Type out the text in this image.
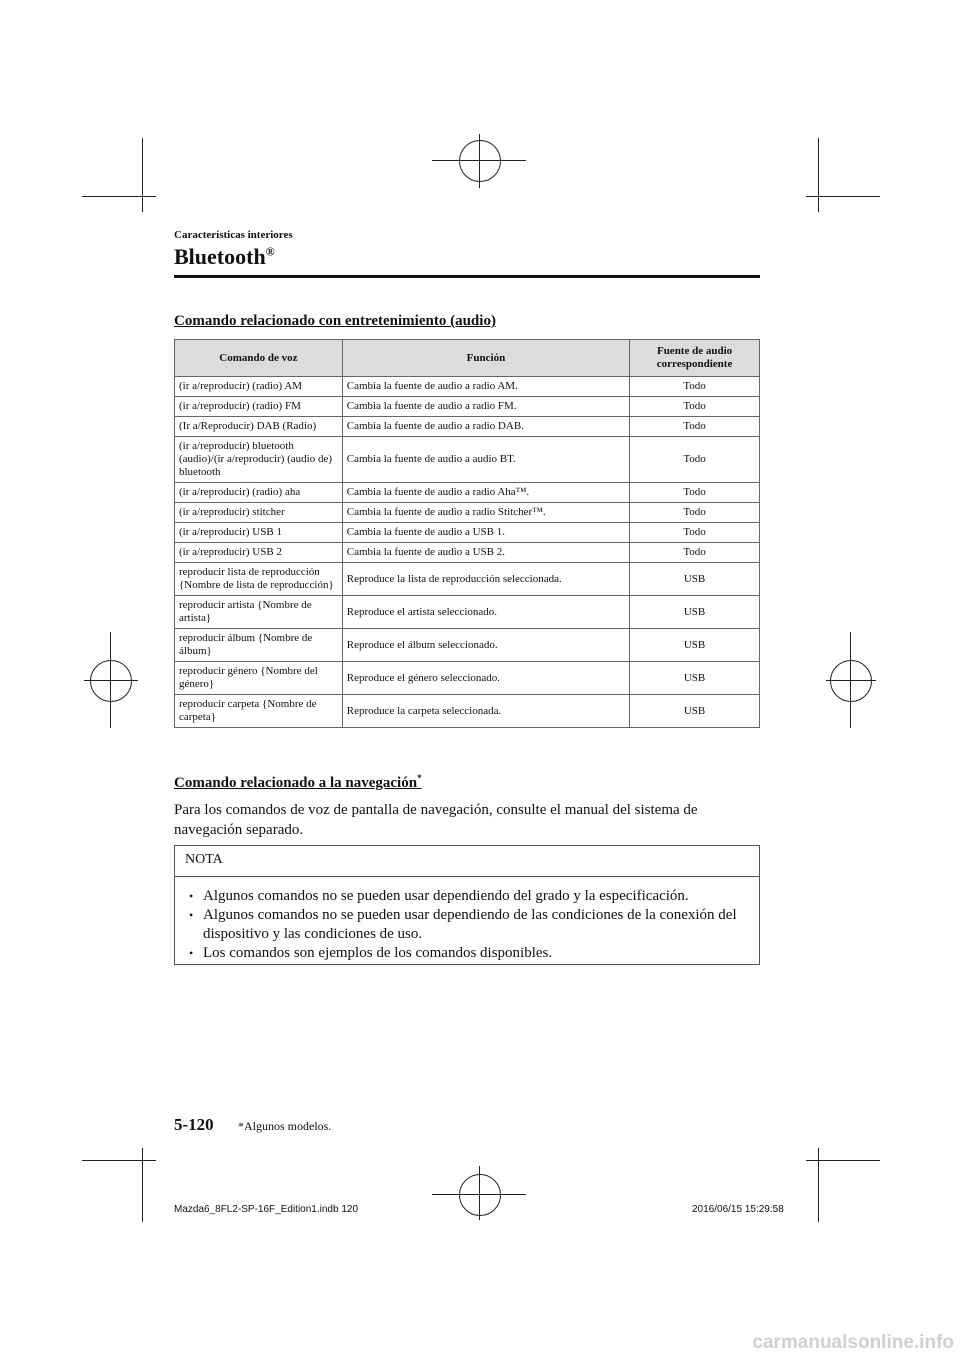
Características interiores
Bluetooth®
Comando relacionado con entretenimiento (audio)
Comando de voz	Función	Fuente de audio correspondiente
(ir a/reproducir) (radio) AM	Cambia la fuente de audio a radio AM.	Todo
(ir a/reproducir) (radio) FM	Cambia la fuente de audio a radio FM.	Todo
(Ir a/Reproducir) DAB (Radio)	Cambia la fuente de audio a radio DAB.	Todo
(ir a/reproducir) bluetooth (audio)/(ir a/reproducir) (audio de) bluetooth	Cambia la fuente de audio a audio BT.	Todo
(ir a/reproducir) (radio) aha	Cambia la fuente de audio a radio Aha™.	Todo
(ir a/reproducir) stitcher	Cambia la fuente de audio a radio Stitcher™.	Todo
(ir a/reproducir) USB 1	Cambia la fuente de audio a USB 1.	Todo
(ir a/reproducir) USB 2	Cambia la fuente de audio a USB 2.	Todo
reproducir lista de reproducción {Nombre de lista de reproducción}	Reproduce la lista de reproducción seleccionada.	USB
reproducir artista {Nombre de artista}	Reproduce el artista seleccionado.	USB
reproducir álbum {Nombre de álbum}	Reproduce el álbum seleccionado.	USB
reproducir género {Nombre del género}	Reproduce el género seleccionado.	USB
reproducir carpeta {Nombre de carpeta}	Reproduce la carpeta seleccionada.	USB
Comando relacionado a la navegación*
Para los comandos de voz de pantalla de navegación, consulte el manual del sistema de navegación separado.
NOTA
• Algunos comandos no se pueden usar dependiendo del grado y la especificación.
• Algunos comandos no se pueden usar dependiendo de las condiciones de la conexión del dispositivo y las condiciones de uso.
• Los comandos son ejemplos de los comandos disponibles.
5-120 *Algunos modelos.
Mazda6_8FL2-SP-16F_Edition1.indb 120	2016/06/15 15:29:58
carmanualsonline.info
